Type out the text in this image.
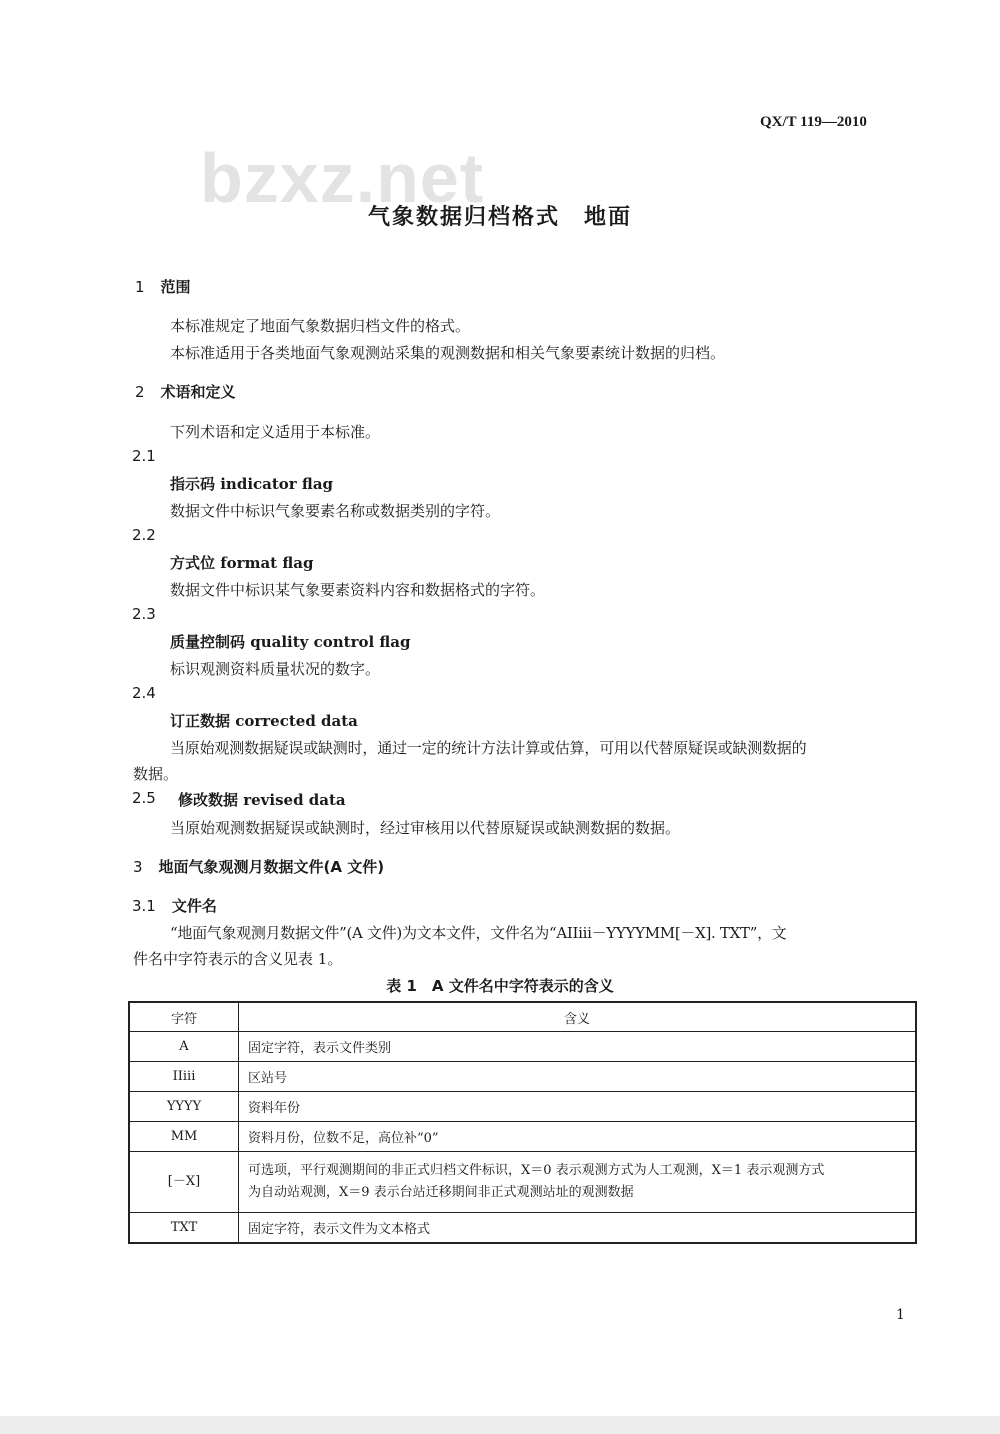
QX/T 119—2010
bzxz.net
气象数据归档格式　地面
1 范围
本标准规定了地面气象数据归档文件的格式。
本标准适用于各类地面气象观测站采集的观测数据和相关气象要素统计数据的归档。
2 术语和定义
下列术语和定义适用于本标准。
2.1
指示码 indicator flag
数据文件中标识气象要素名称或数据类别的字符。
2.2
方式位 format flag
数据文件中标识某气象要素资料内容和数据格式的字符。
2.3
质量控制码 quality control flag
标识观测资料质量状况的数字。
2.4
订正数据 corrected data
当原始观测数据疑误或缺测时，通过一定的统计方法计算或估算，可用以代替原疑误或缺测数据的
数据。
2.5 修改数据 revised data
当原始观测数据疑误或缺测时，经过审核用以代替原疑误或缺测数据的数据。
3 地面气象观测月数据文件(A 文件)
3.1 文件名
“地面气象观测月数据文件”(A 文件)为文本文件，文件名为“AIIiii－YYYYMM[－X]. TXT”，文
件名中字符表示的含义见表 1。
表 1　A 文件名中字符表示的含义
字符	含义
A	固定字符，表示文件类别
IIiii	区站号
YYYY	资料年份
MM	资料月份，位数不足，高位补“0”
[－X]	可选项，平行观测期间的非正式归档文件标识，X＝0 表示观测方式为人工观测，X＝1 表示观测方式
为自动站观测，X＝9 表示台站迁移期间非正式观测站址的观测数据

TXT	固定字符，表示文件为文本格式
1
